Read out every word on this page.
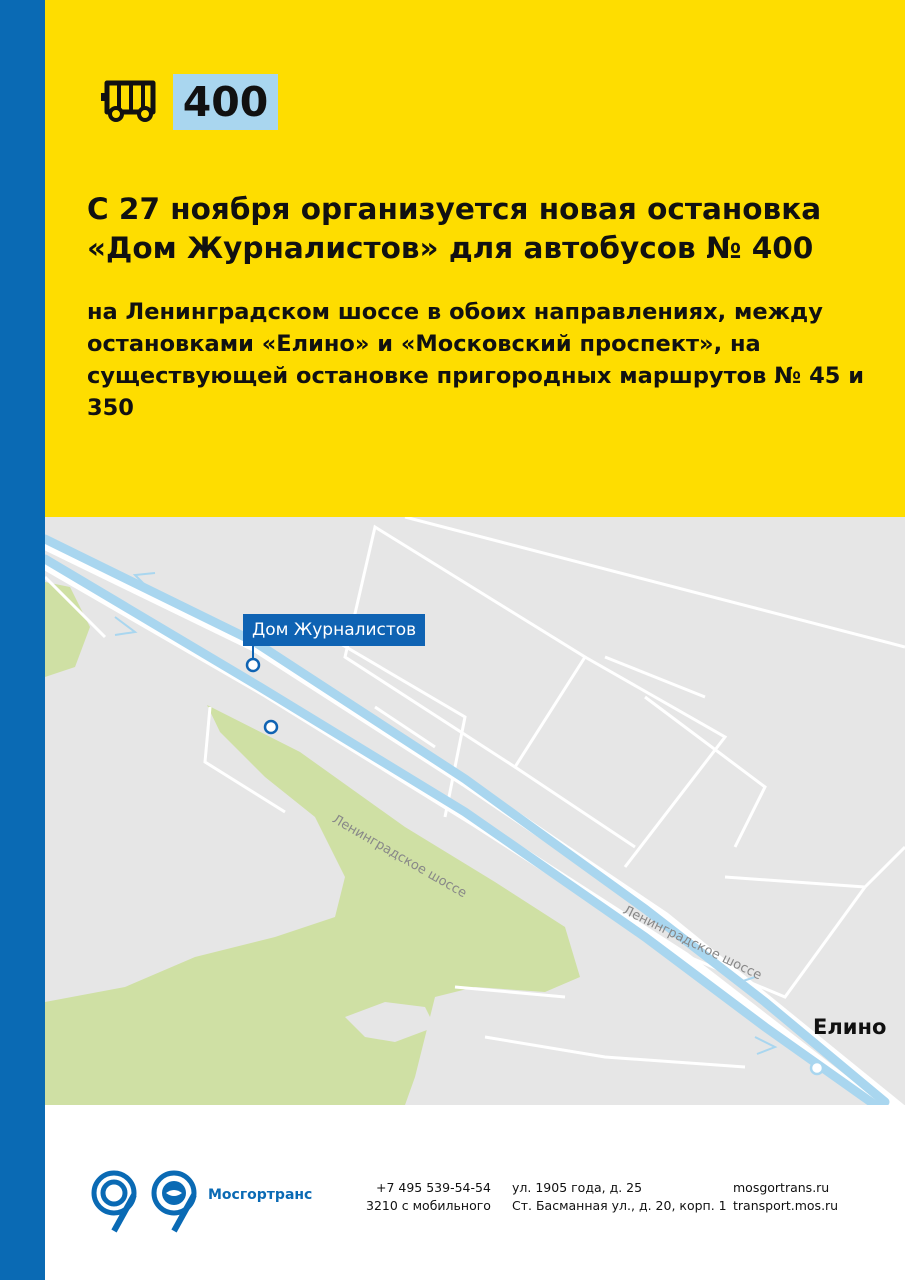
400

С 27 ноября организуется новая остановка «Дом Журналистов» для автобусов № 400

на Ленинградском шоссе в обоих направлениях, между остановками «Елино» и «Московский проспект», на существующей остановке пригородных маршрутов № 45 и 350

Дом Журналистов
Елино
Ленинградское шоссе
Ленинградское шоссе
Мосгортранс	+7 495 539-54-54
3210 с мобильного
ул. 1905 года, д. 25
Ст. Басманная ул., д. 20, корп. 1
mosgortrans.ru
transport.mos.ru
